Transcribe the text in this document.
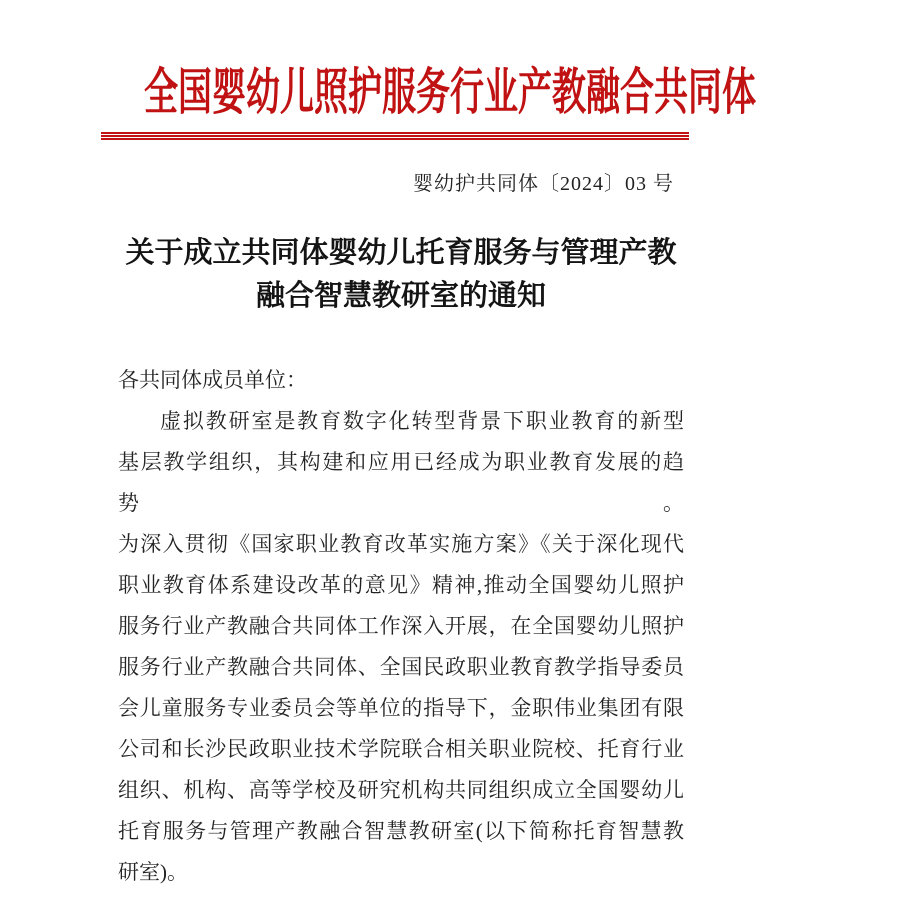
全国婴幼儿照护服务行业产教融合共同体
婴幼护共同体〔2024〕03 号
关于成立共同体婴幼儿托育服务与管理产教
融合智慧教研室的通知
各共同体成员单位：
虚拟教研室是教育数字化转型背景下职业教育的新型
基层教学组织，其构建和应用已经成为职业教育发展的趋势。
为深入贯彻《国家职业教育改革实施方案》《关于深化现代
职业教育体系建设改革的意见》精神,推动全国婴幼儿照护
服务行业产教融合共同体工作深入开展，在全国婴幼儿照护
服务行业产教融合共同体、全国民政职业教育教学指导委员
会儿童服务专业委员会等单位的指导下，金职伟业集团有限
公司和长沙民政职业技术学院联合相关职业院校、托育行业
组织、机构、高等学校及研究机构共同组织成立全国婴幼儿
托育服务与管理产教融合智慧教研室(以下简称托育智慧教
研室)。
